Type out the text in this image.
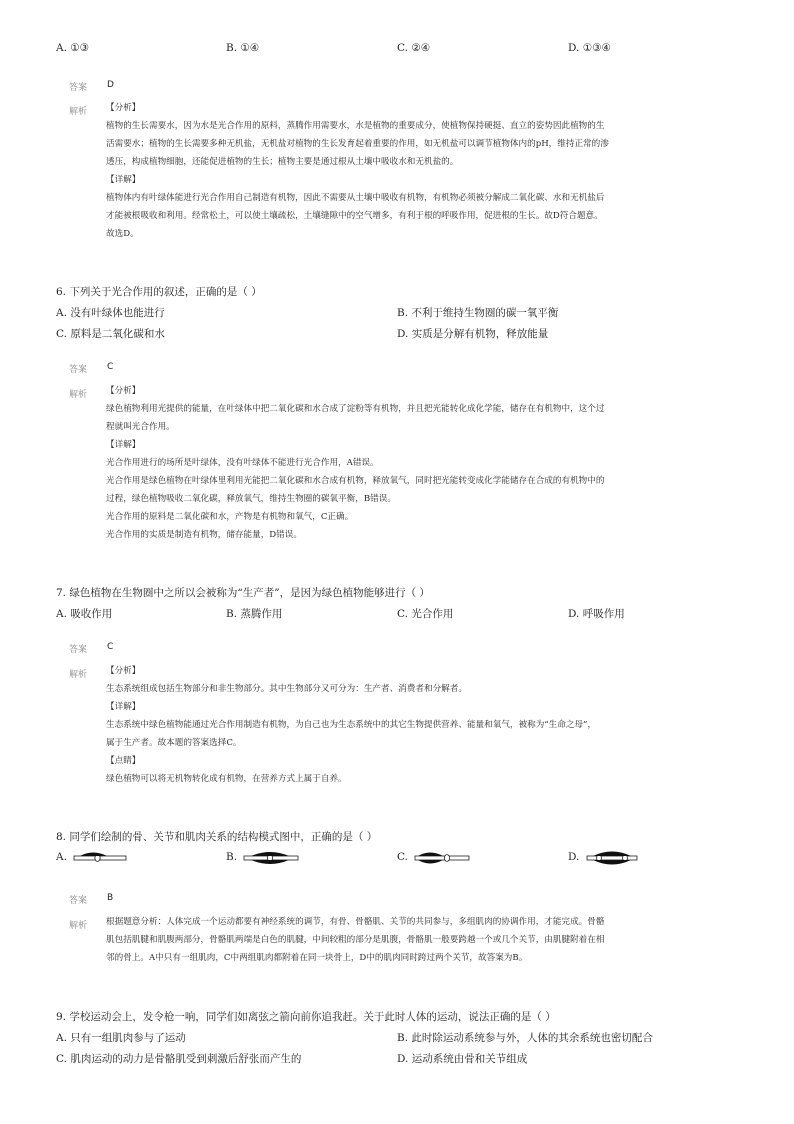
A. ①③	B. ①④	C. ②④	D. ①③④
答案 D
解析 【分析】
植物的生长需要水，因为水是光合作用的原料，蒸腾作用需要水，水是植物的重要成分，使植物保持硬挺、直立的姿势因此植物的生
活需要水；植物的生长需要多种无机盐，无机盐对植物的生长发育起着重要的作用，如无机盐可以调节植物体内的pH，维持正常的渗
透压，构成植物细胞，还能促进植物的生长；植物主要是通过根从土壤中吸收水和无机盐的。
【详解】
植物体内有叶绿体能进行光合作用自己制造有机物，因此不需要从土壤中吸收有机物，有机物必须被分解成二氧化碳、水和无机盐后
才能被根吸收和利用。经常松土，可以使土壤疏松，土壤缝隙中的空气增多，有利于根的呼吸作用，促进根的生长。故D符合题意。
故选D。
6. 下列关于光合作用的叙述，正确的是（ ）
A. 没有叶绿体也能进行	B. 不利于维持生物圈的碳一氧平衡
C. 原料是二氧化碳和水	D. 实质是分解有机物，释放能量
答案 C
解析 【分析】
绿色植物利用光提供的能量，在叶绿体中把二氧化碳和水合成了淀粉等有机物，并且把光能转化成化学能，储存在有机物中，这个过
程就叫光合作用。
【详解】
光合作用进行的场所是叶绿体，没有叶绿体不能进行光合作用，A错误。
光合作用是绿色植物在叶绿体里利用光能把二氧化碳和水合成有机物，释放氧气，同时把光能转变成化学能储存在合成的有机物中的
过程，绿色植物吸收二氧化碳，释放氧气，维持生物圈的碳氧平衡，B错误。
光合作用的原料是二氧化碳和水，产物是有机物和氧气，C正确。
光合作用的实质是制造有机物，储存能量，D错误。
7. 绿色植物在生物圈中之所以会被称为“生产者”，是因为绿色植物能够进行（ ）
A. 吸收作用	B. 蒸腾作用	C. 光合作用	D. 呼吸作用
答案 C
解析 【分析】
生态系统组成包括生物部分和非生物部分。其中生物部分又可分为：生产者、消费者和分解者。
【详解】
生态系统中绿色植物能通过光合作用制造有机物，为自己也为生态系统中的其它生物提供营养、能量和氧气，被称为“生命之母”，
属于生产者。故本题的答案选择C。
【点睛】
绿色植物可以将无机物转化成有机物，在营养方式上属于自养。
8. 同学们绘制的骨、关节和肌肉关系的结构模式图中，正确的是（ ）
A.	B.	C.	D.
答案 B
解析 根据题意分析：人体完成一个运动都要有神经系统的调节，有骨、骨骼肌、关节的共同参与，多组肌肉的协调作用，才能完成。骨骼
肌包括肌腱和肌腹两部分，骨骼肌两端是白色的肌腱，中间较粗的部分是肌腹，骨骼肌一般要跨越一个或几个关节，由肌腱附着在相
邻的骨上。A中只有一组肌肉，C中两组肌肉都附着在同一块骨上，D中的肌肉同时跨过两个关节，故答案为B。
9. 学校运动会上，发令枪一响，同学们如离弦之箭向前你追我赶。关于此时人体的运动，说法正确的是（ ）
A. 只有一组肌肉参与了运动	B. 此时除运动系统参与外，人体的其余系统也密切配合
C. 肌肉运动的动力是骨骼肌受到刺激后舒张而产生的	D. 运动系统由骨和关节组成
